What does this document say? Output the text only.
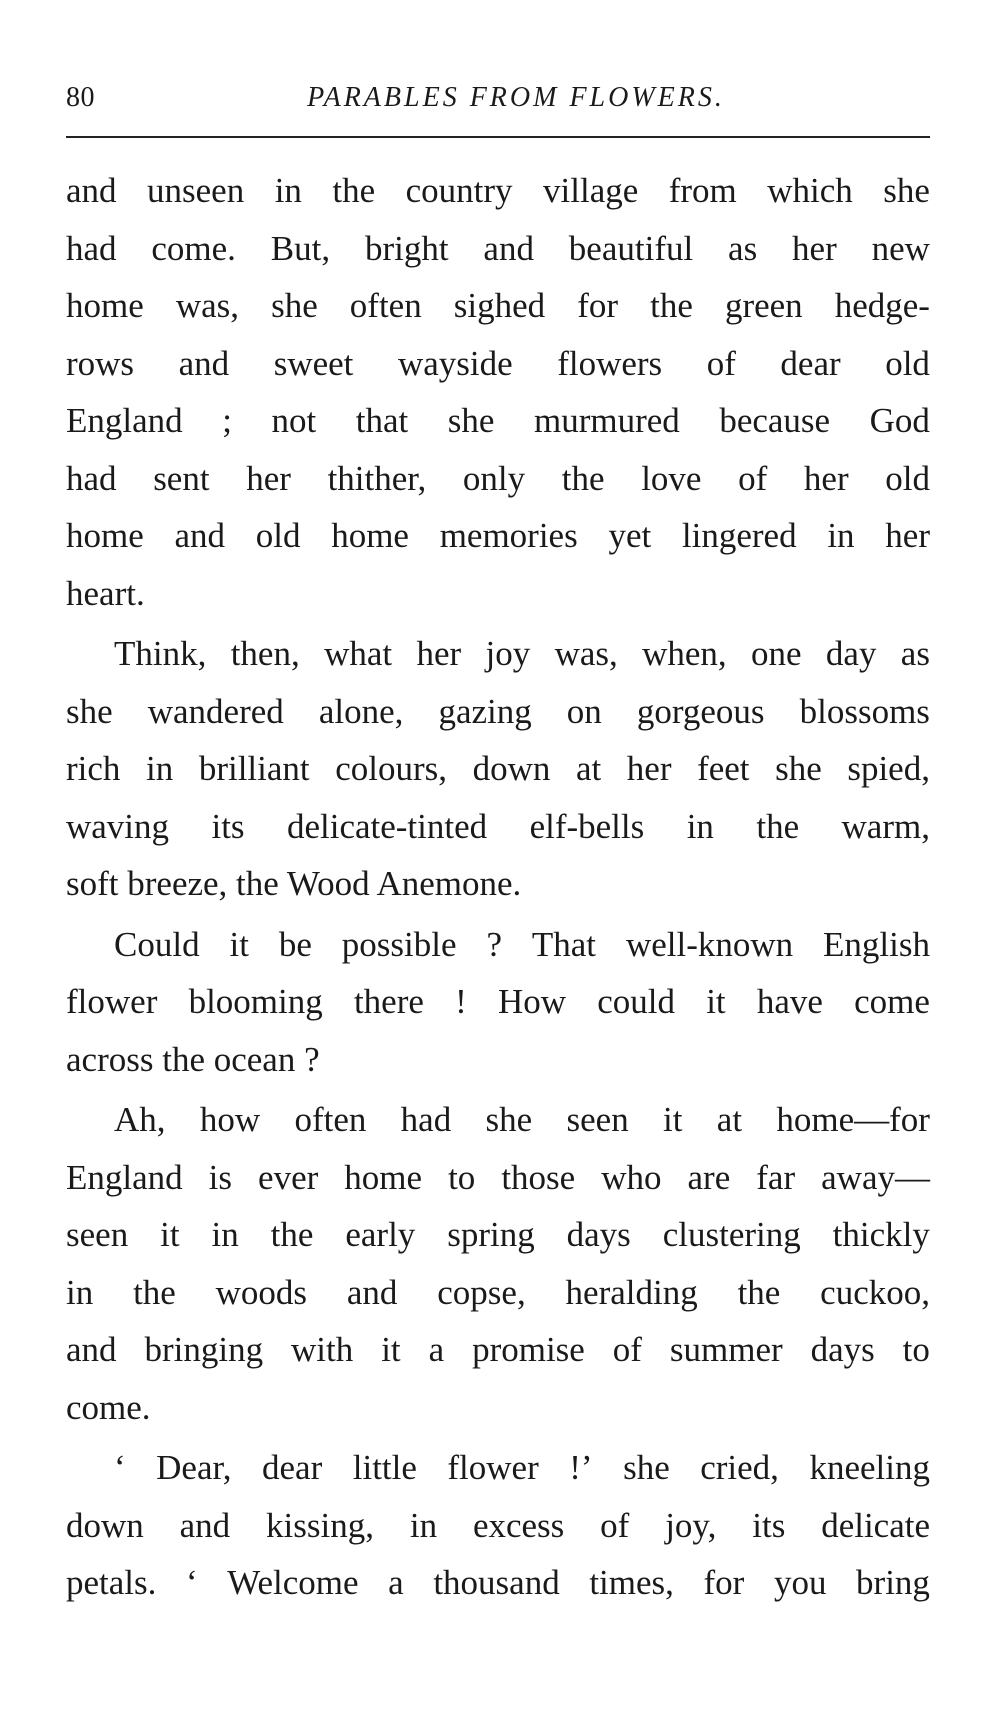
80	PARABLES FROM FLOWERS.
and unseen in the country village from which she
had come. But, bright and beautiful as her new
home was, she often sighed for the green hedge-
rows and sweet wayside flowers of dear old
England ; not that she murmured because God
had sent her thither, only the love of her old
home and old home memories yet lingered in her
heart.
Think, then, what her joy was, when, one day as
she wandered alone, gazing on gorgeous blossoms
rich in brilliant colours, down at her feet she spied,
waving its delicate-tinted elf-bells in the warm,
soft breeze, the Wood Anemone.
Could it be possible ? That well-known English
flower blooming there ! How could it have come
across the ocean ?
Ah, how often had she seen it at home—for
England is ever home to those who are far away—
seen it in the early spring days clustering thickly
in the woods and copse, heralding the cuckoo,
and bringing with it a promise of summer days to
come.
‘ Dear, dear little flower !’ she cried, kneeling
down and kissing, in excess of joy, its delicate
petals. ‘ Welcome a thousand times, for you bring
